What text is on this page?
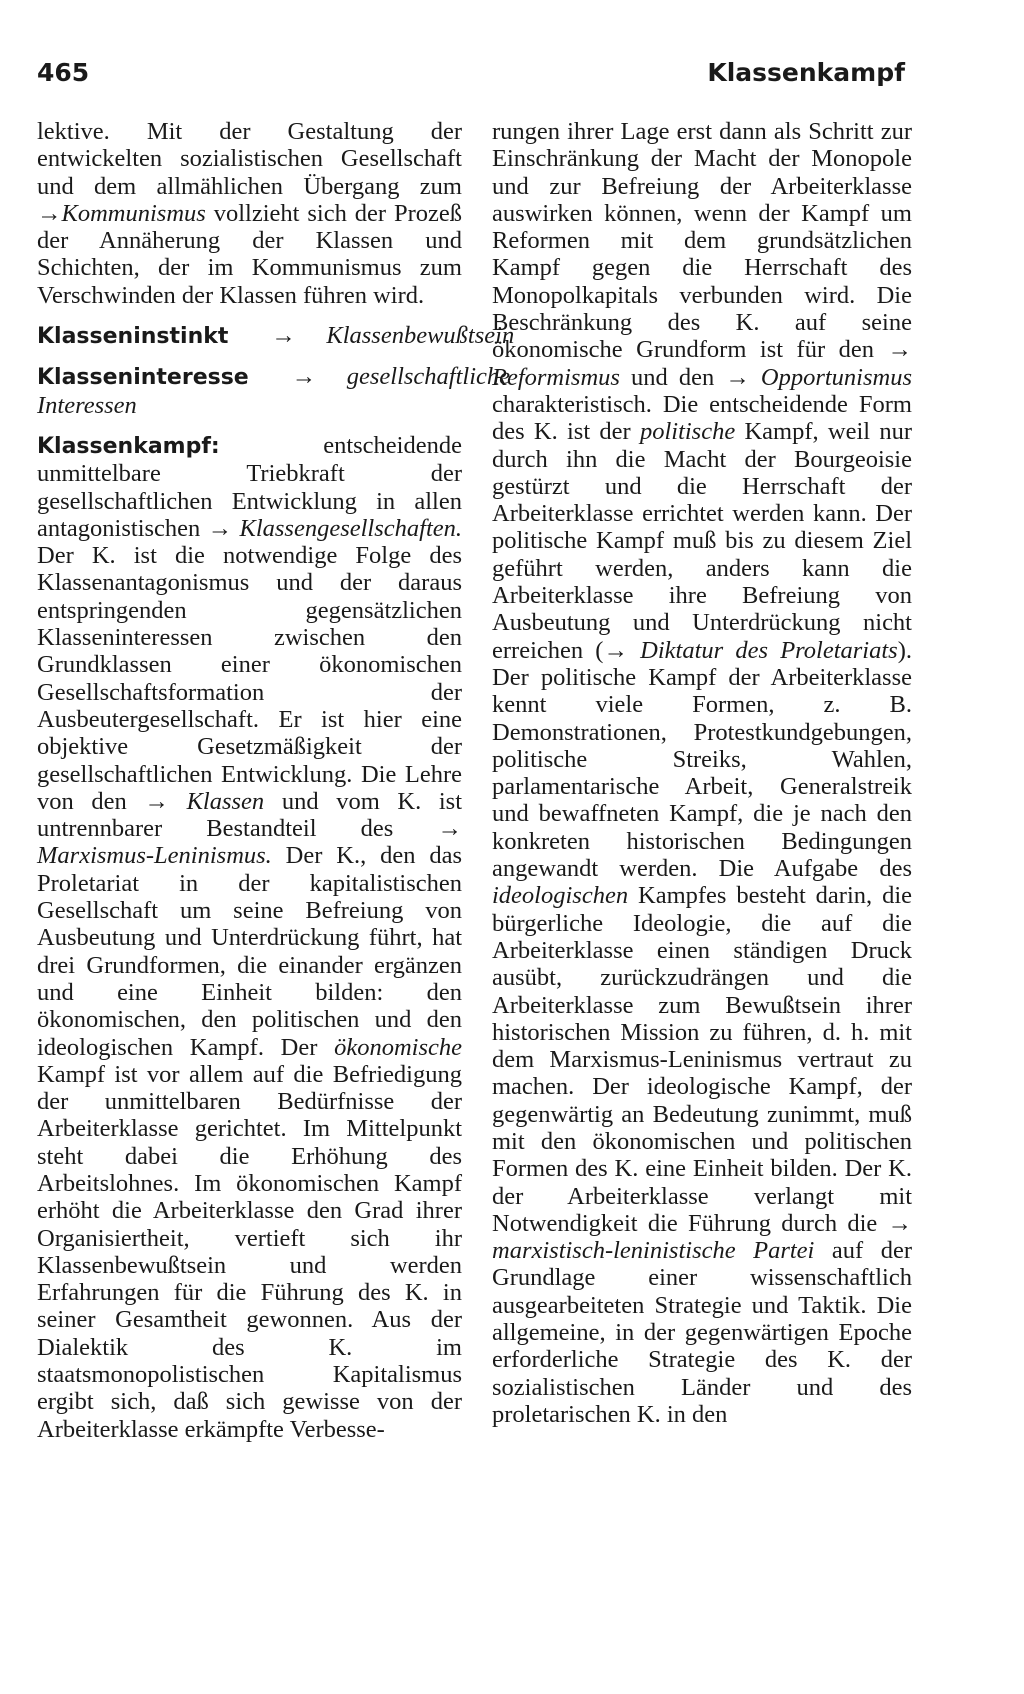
465	Klassenkampf

lektive. Mit der Gestaltung der entwickelten sozialistischen Gesellschaft und dem allmählichen Übergang zum →Kommunismus vollzieht sich der Prozeß der Annäherung der Klassen und Schichten, der im Kommunismus zum Verschwinden der Klassen führen wird.

Klasseninstinkt → Klassenbewußtsein

Klasseninteresse → gesellschaftliche Interessen

Klassenkampf: entscheidende unmittelbare Triebkraft der gesellschaftlichen Entwicklung in allen antagonistischen → Klassengesellschaften. Der K. ist die notwendige Folge des Klassenantagonismus und der daraus entspringenden gegensätzlichen Klasseninteressen zwischen den Grundklassen einer ökonomischen Gesellschaftsformation der Ausbeutergesellschaft. Er ist hier eine objektive Gesetzmäßigkeit der gesellschaftlichen Entwicklung. Die Lehre von den → Klassen und vom K. ist untrennbarer Bestandteil des → Marxismus-Leninismus. Der K., den das Proletariat in der kapitalistischen Gesellschaft um seine Befreiung von Ausbeutung und Unterdrückung führt, hat drei Grundformen, die einander ergänzen und eine Einheit bilden: den ökonomischen, den politischen und den ideologischen Kampf. Der ökonomische Kampf ist vor allem auf die Befriedigung der unmittelbaren Bedürfnisse der Arbeiterklasse gerichtet. Im Mittelpunkt steht dabei die Erhöhung des Arbeitslohnes. Im ökonomischen Kampf erhöht die Arbeiterklasse den Grad ihrer Organisiertheit, vertieft sich ihr Klassenbewußtsein und werden Erfahrungen für die Führung des K. in seiner Gesamtheit gewonnen. Aus der Dialektik des K. im staatsmonopolistischen Kapitalismus ergibt sich, daß sich gewisse von der Arbeiterklasse erkämpfte Verbesse-

rungen ihrer Lage erst dann als Schritt zur Einschränkung der Macht der Monopole und zur Befreiung der Arbeiterklasse auswirken können, wenn der Kampf um Reformen mit dem grundsätzlichen Kampf gegen die Herrschaft des Monopolkapitals verbunden wird. Die Beschränkung des K. auf seine ökonomische Grundform ist für den → Reformismus und den → Opportunismus charakteristisch. Die entscheidende Form des K. ist der politische Kampf, weil nur durch ihn die Macht der Bourgeoisie gestürzt und die Herrschaft der Arbeiterklasse errichtet werden kann. Der politische Kampf muß bis zu diesem Ziel geführt werden, anders kann die Arbeiterklasse ihre Befreiung von Ausbeutung und Unterdrückung nicht erreichen (→ Diktatur des Proletariats). Der politische Kampf der Arbeiterklasse kennt viele Formen, z. B. Demonstrationen, Protestkundgebungen, politische Streiks, Wahlen, parlamentarische Arbeit, Generalstreik und bewaffneten Kampf, die je nach den konkreten historischen Bedingungen angewandt werden. Die Aufgabe des ideologischen Kampfes besteht darin, die bürgerliche Ideologie, die auf die Arbeiterklasse einen ständigen Druck ausübt, zurückzudrängen und die Arbeiterklasse zum Bewußtsein ihrer historischen Mission zu führen, d. h. mit dem Marxismus-Leninismus vertraut zu machen. Der ideologische Kampf, der gegenwärtig an Bedeutung zunimmt, muß mit den ökonomischen und politischen Formen des K. eine Einheit bilden. Der K. der Arbeiterklasse verlangt mit Notwendigkeit die Führung durch die → marxistisch-leninistische Partei auf der Grundlage einer wissenschaftlich ausgearbeiteten Strategie und Taktik. Die allgemeine, in der gegenwärtigen Epoche erforderliche Strategie des K. der sozialistischen Länder und des proletarischen K. in den
